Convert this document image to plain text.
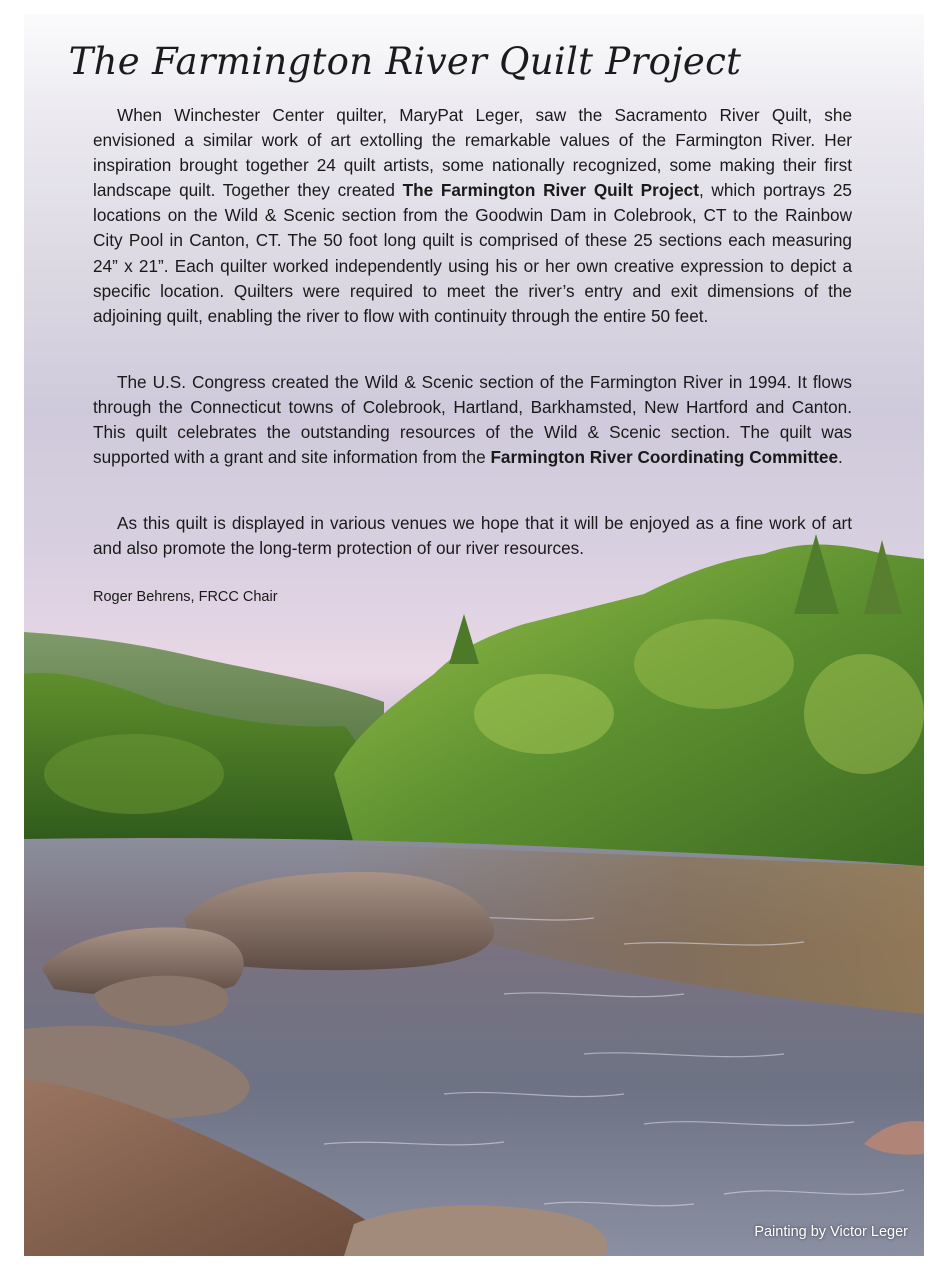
The Farmington River Quilt Project

When Winchester Center quilter, MaryPat Leger, saw the Sacramento River Quilt, she envisioned a similar work of art extolling the remarkable values of the Farmington River. Her inspiration brought together 24 quilt artists, some nationally recognized, some making their first landscape quilt. Together they created The Farmington River Quilt Project, which portrays 25 locations on the Wild & Scenic section from the Goodwin Dam in Colebrook, CT to the Rainbow City Pool in Canton, CT. The 50 foot long quilt is comprised of these 25 sections each measuring 24” x 21”. Each quilter worked independently using his or her own creative expression to depict a specific location. Quilters were required to meet the river’s entry and exit dimensions of the adjoining quilt, enabling the river to flow with continuity through the entire 50 feet.

The U.S. Congress created the Wild & Scenic section of the Farmington River in 1994. It flows through the Connecticut towns of Colebrook, Hartland, Barkhamsted, New Hartford and Canton. This quilt celebrates the outstanding resources of the Wild & Scenic section. The quilt was supported with a grant and site information from the Farmington River Coordinating Committee.

As this quilt is displayed in various venues we hope that it will be enjoyed as a fine work of art and also promote the long-term protection of our river resources.

Roger Behrens, FRCC Chair
Painting by Victor Leger
